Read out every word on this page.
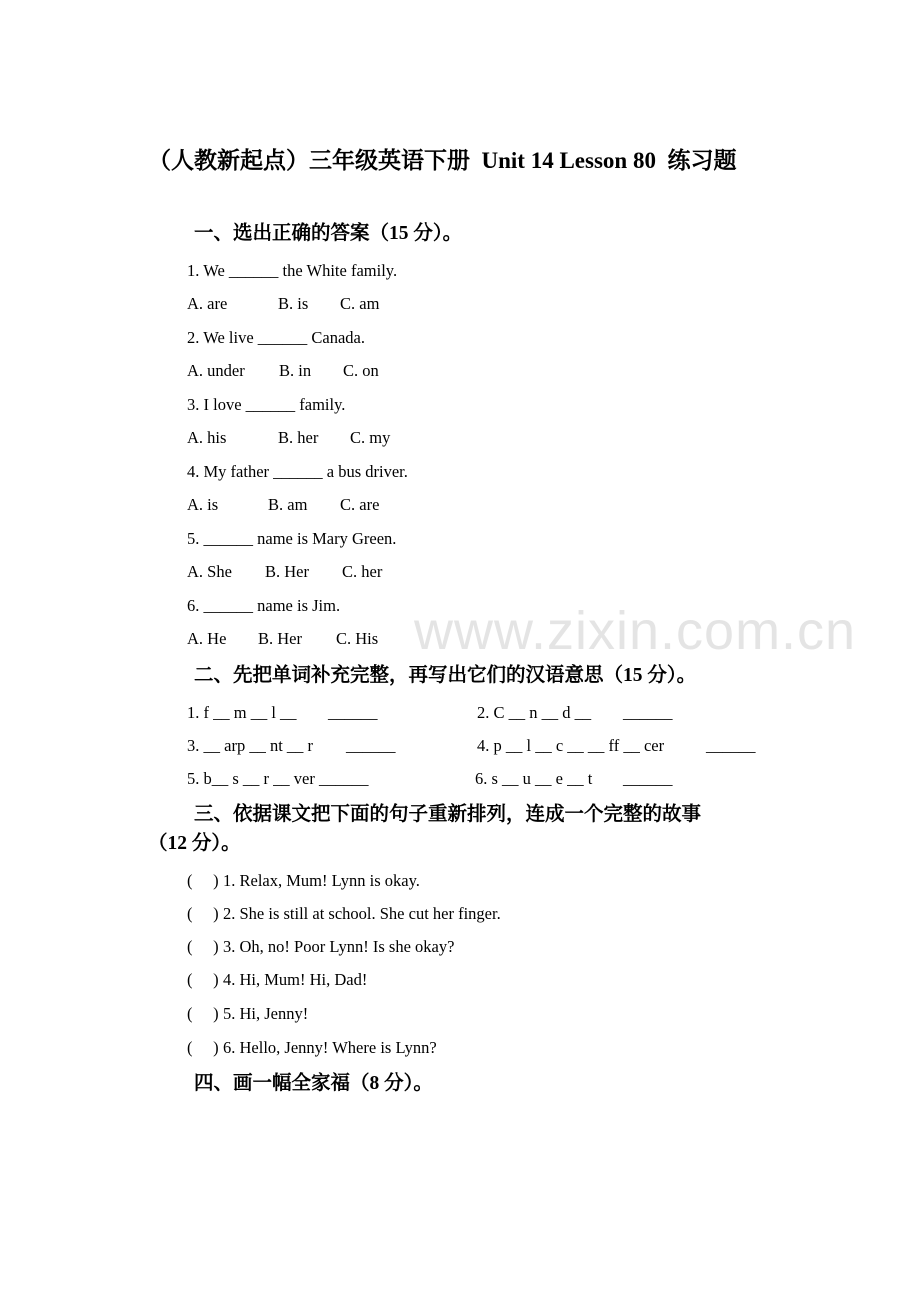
www.zixin.com.cn
（人教新起点）三年级英语下册  Unit 14 Lesson 80  练习题
一、选出正确的答案（15 分）。
1. We ______ the White family.
A. are	B. is C. am
2. We live ______ Canada.
A. under B. in C. on
3. I love ______ family.
A. his	B. her C. my
4. My father ______ a bus driver.
A. is	B. am C. are
5. ______ name is Mary Green.
A. She B. Her C. her
6. ______ name is Jim.
A. He B. Her C. His
二、先把单词补充完整，再写出它们的汉语意思（15 分）。
1. f __ m __ l __ ______	2. C __ n __ d __ ______
3. __ arp __ nt __ r ______	4. p __ l __ c __ __ ff __ cer	______
5. b__ s __ r __ ver ______	6. s __ u __ e __ t ______
三、依据课文把下面的句子重新排列，连成一个完整的故事
（12 分）。
(     ) 1. Relax, Mum! Lynn is okay.
(     ) 2. She is still at school. She cut her finger.
(     ) 3. Oh, no! Poor Lynn! Is she okay?
(     ) 4. Hi, Mum! Hi, Dad!
(     ) 5. Hi, Jenny!
(     ) 6. Hello, Jenny! Where is Lynn?
四、画一幅全家福（8 分）。
